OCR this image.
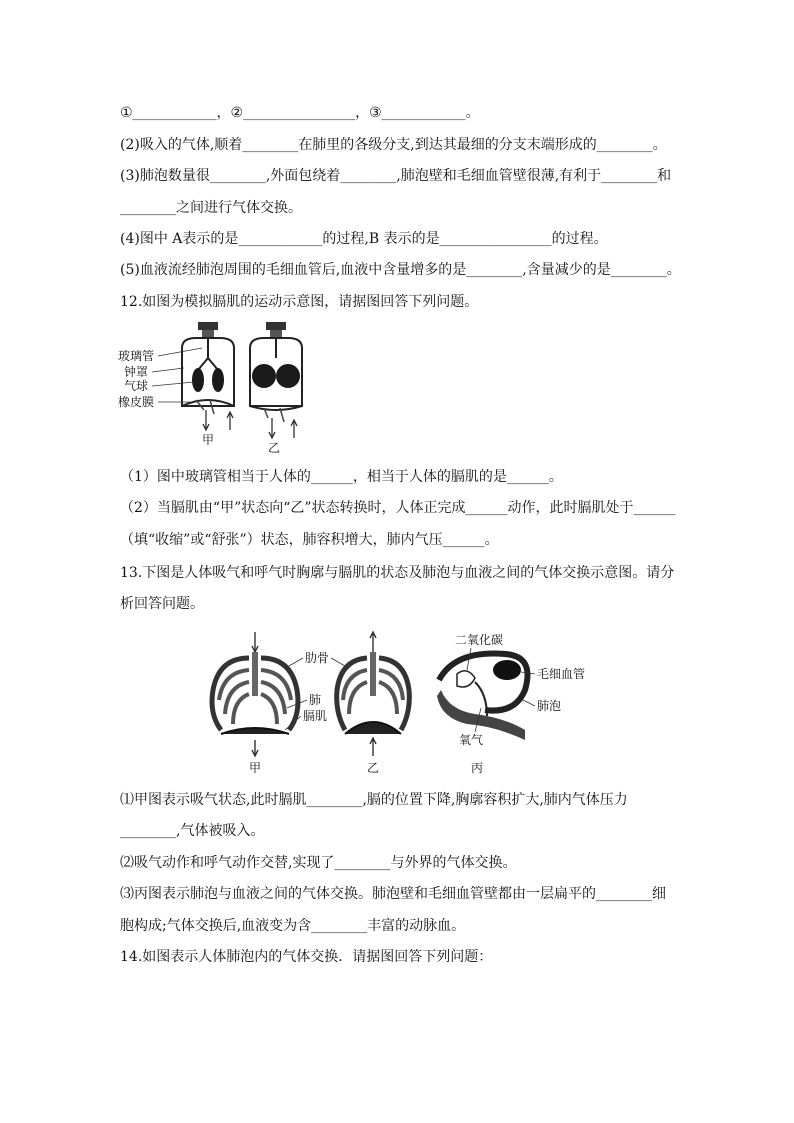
①____________，②________________，③____________。
(2)吸入的气体,顺着________在肺里的各级分支,到达其最细的分支末端形成的________。
(3)肺泡数量很________,外面包绕着________,肺泡壁和毛细血管壁很薄,有利于________和
________之间进行气体交换。
(4)图中 A表示的是____________的过程,B 表示的是________________的过程。
(5)血液流经肺泡周围的毛细血管后,血液中含量增多的是________,含量减少的是________。
12.如图为模拟膈肌的运动示意图，请据图回答下列问题。
玻璃管
钟罩
气球
橡皮膜
甲
乙
（1）图中玻璃管相当于人体的______，相当于人体的膈肌的是______。
（2）当膈肌由“甲”状态向“乙”状态转换时，人体正完成______动作，此时膈肌处于______
（填“收缩”或“舒张”）状态，肺容积增大，肺内气压______。
13.下图是人体吸气和呼气时胸廓与膈肌的状态及肺泡与血液之间的气体交换示意图。请分
析回答问题。
肋骨
肺
膈肌
甲	乙
二氧化碳
毛细血管
肺泡
氧气
丙
⑴甲图表示吸气状态,此时膈肌________,膈的位置下降,胸廓容积扩大,肺内气体压力
________,气体被吸入。
⑵吸气动作和呼气动作交替,实现了________与外界的气体交换。
⑶丙图表示肺泡与血液之间的气体交换。肺泡壁和毛细血管壁都由一层扁平的________细
胞构成;气体交换后,血液变为含________丰富的动脉血。
14.如图表示人体肺泡内的气体交换．请据图回答下列问题：
